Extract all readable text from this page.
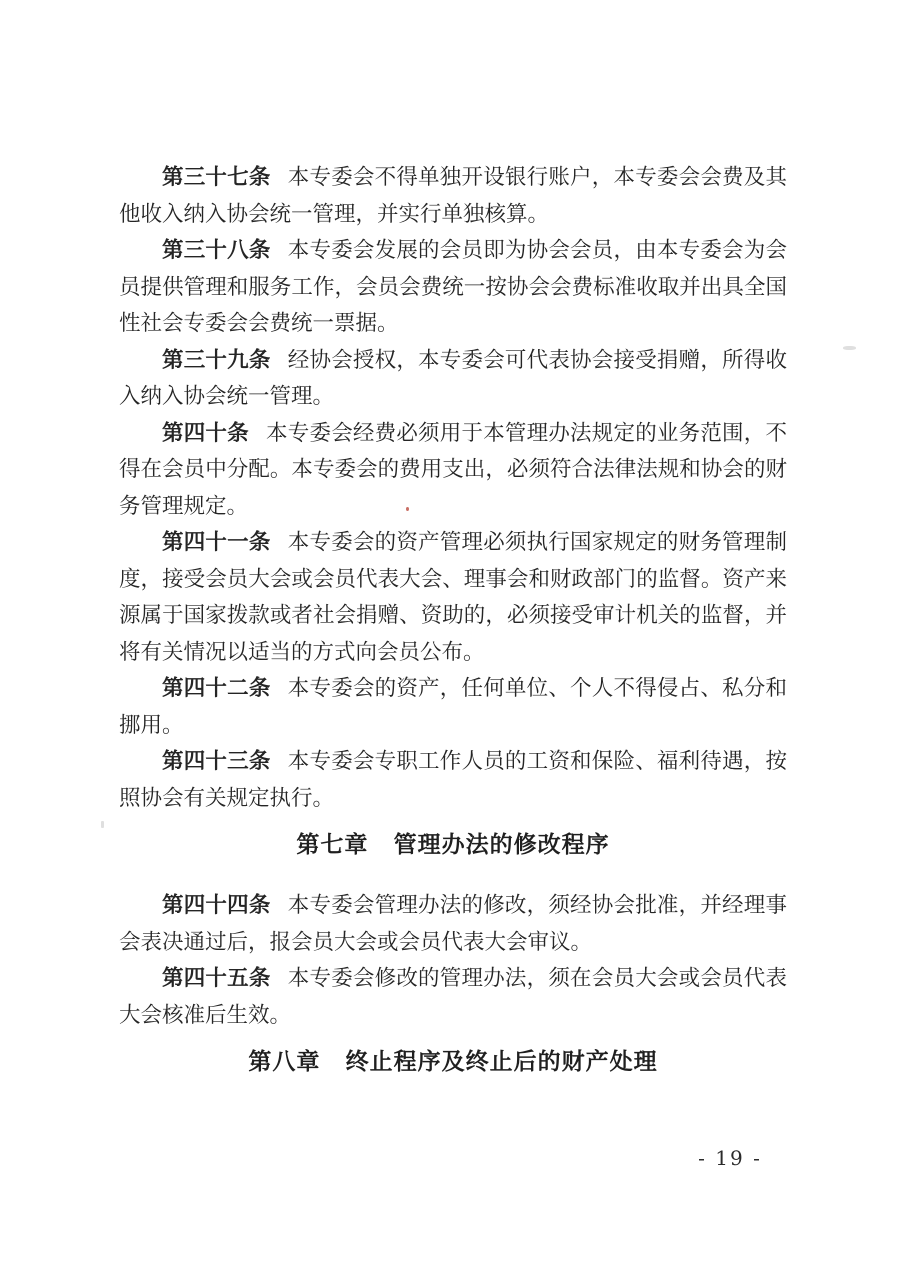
第三十七条 本专委会不得单独开设银行账户，本专委会会费及其他收入纳入协会统一管理，并实行单独核算。

第三十八条 本专委会发展的会员即为协会会员，由本专委会为会员提供管理和服务工作，会员会费统一按协会会费标准收取并出具全国性社会专委会会费统一票据。

第三十九条 经协会授权，本专委会可代表协会接受捐赠，所得收入纳入协会统一管理。

第四十条 本专委会经费必须用于本管理办法规定的业务范围，不得在会员中分配。本专委会的费用支出，必须符合法律法规和协会的财务管理规定。

第四十一条 本专委会的资产管理必须执行国家规定的财务管理制度，接受会员大会或会员代表大会、理事会和财政部门的监督。资产来源属于国家拨款或者社会捐赠、资助的，必须接受审计机关的监督，并将有关情况以适当的方式向会员公布。

第四十二条 本专委会的资产，任何单位、个人不得侵占、私分和挪用。

第四十三条 本专委会专职工作人员的工资和保险、福利待遇，按照协会有关规定执行。

第七章 管理办法的修改程序

第四十四条 本专委会管理办法的修改，须经协会批准，并经理事会表决通过后，报会员大会或会员代表大会审议。

第四十五条 本专委会修改的管理办法，须在会员大会或会员代表大会核准后生效。

第八章 终止程序及终止后的财产处理
- 19 -
